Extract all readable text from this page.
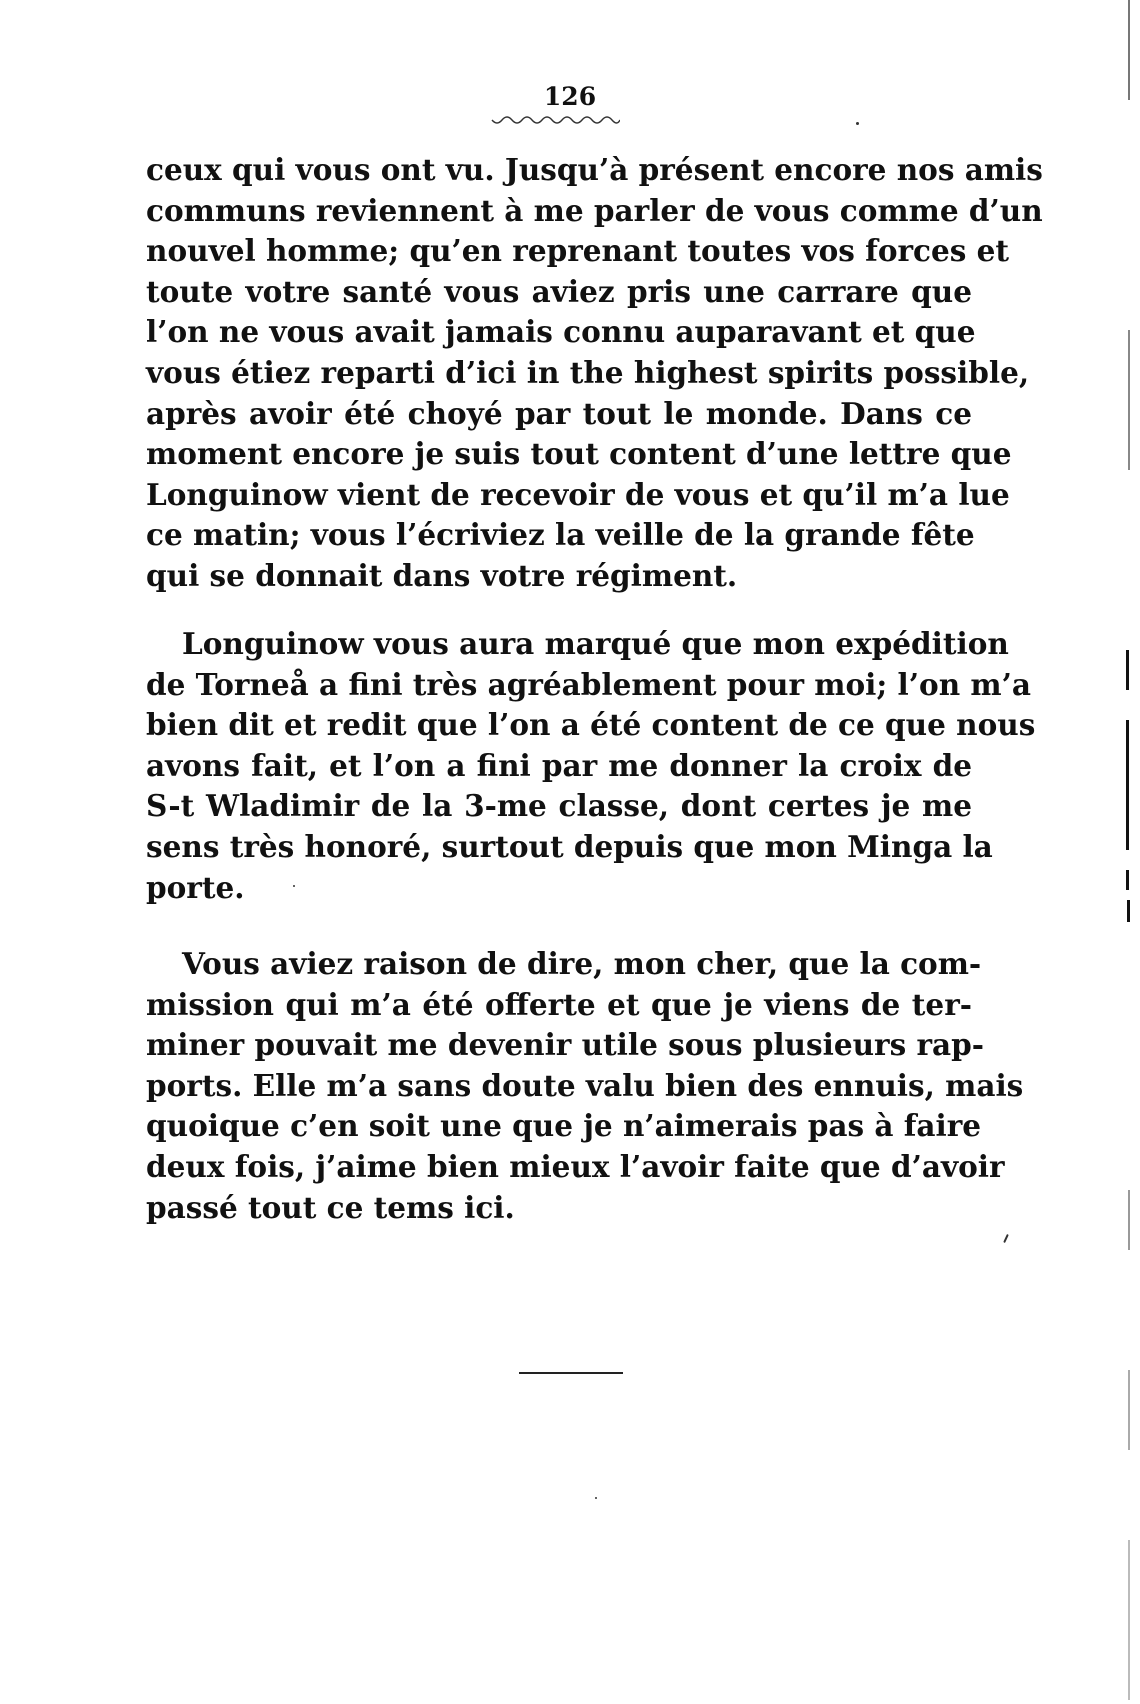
126
ceux qui vous ont vu. Jusqu’à présent encore nos amis
communs reviennent à me parler de vous comme d’un
nouvel homme; qu’en reprenant toutes vos forces et
toute votre santé vous aviez pris une carrare que
l’on ne vous avait jamais connu auparavant et que
vous étiez reparti d’ici in the highest spirits possible,
après avoir été choyé par tout le monde. Dans ce
moment encore je suis tout content d’une lettre que
Longuinow vient de recevoir de vous et qu’il m’a lue
ce matin; vous l’écriviez la veille de la grande fête
qui se donnait dans votre régiment.
Longuinow vous aura marqué que mon expédition
de Torneå a fini très agréablement pour moi; l’on m’a
bien dit et redit que l’on a été content de ce que nous
avons fait, et l’on a fini par me donner la croix de
S-t Wladimir de la 3-me classe, dont certes je me
sens très honoré, surtout depuis que mon Minga la
porte.
Vous aviez raison de dire, mon cher, que la com-
mission qui m’a été offerte et que je viens de ter-
miner pouvait me devenir utile sous plusieurs rap-
ports. Elle m’a sans doute valu bien des ennuis, mais
quoique c’en soit une que je n’aimerais pas à faire
deux fois, j’aime bien mieux l’avoir faite que d’avoir
passé tout ce tems ici.
